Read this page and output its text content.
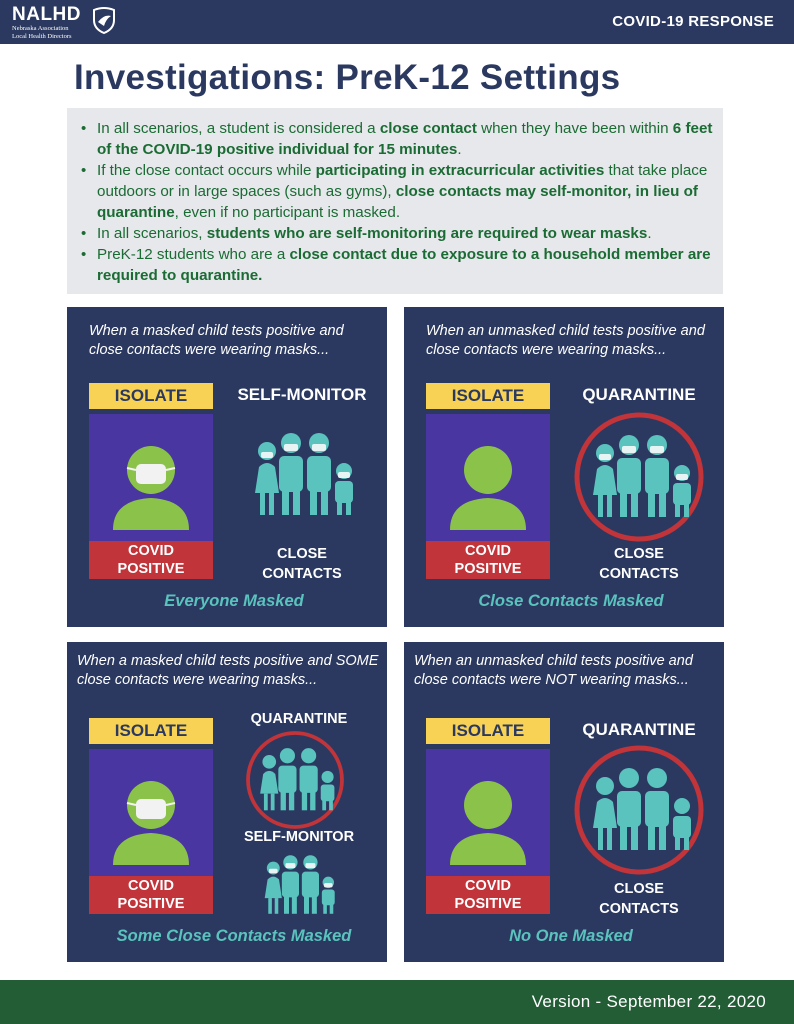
NALHD
Nebraska Association
Local Health Directors
COVID-19 RESPONSE
Investigations: PreK-12 Settings
• In all scenarios, a student is considered a close contact when they have been within 6 feet of the COVID-19 positive individual for 15 minutes.
• If the close contact occurs while participating in extracurricular activities that take place outdoors or in large spaces (such as gyms), close contacts may self-monitor, in lieu of quarantine, even if no participant is masked.
• In all scenarios, students who are self-monitoring are required to wear masks.
• PreK-12 students who are a close contact due to exposure to a household member are required to quarantine.
When a masked child tests positive and close contacts were wearing masks...
ISOLATE
COVID
POSITIVE
SELF-MONITOR
CLOSE
CONTACTS
Everyone Masked
When an unmasked child tests positive and close contacts were wearing masks...
ISOLATE
COVID
POSITIVE
QUARANTINE
CLOSE
CONTACTS
Close Contacts Masked
When a masked child tests positive and SOME close contacts were wearing masks...
ISOLATE
COVID
POSITIVE
QUARANTINE
SELF-MONITOR
Some Close Contacts Masked
When an unmasked child tests positive and close contacts were NOT wearing masks...
ISOLATE
COVID
POSITIVE
QUARANTINE
CLOSE
CONTACTS
No One Masked
Version - September 22, 2020
